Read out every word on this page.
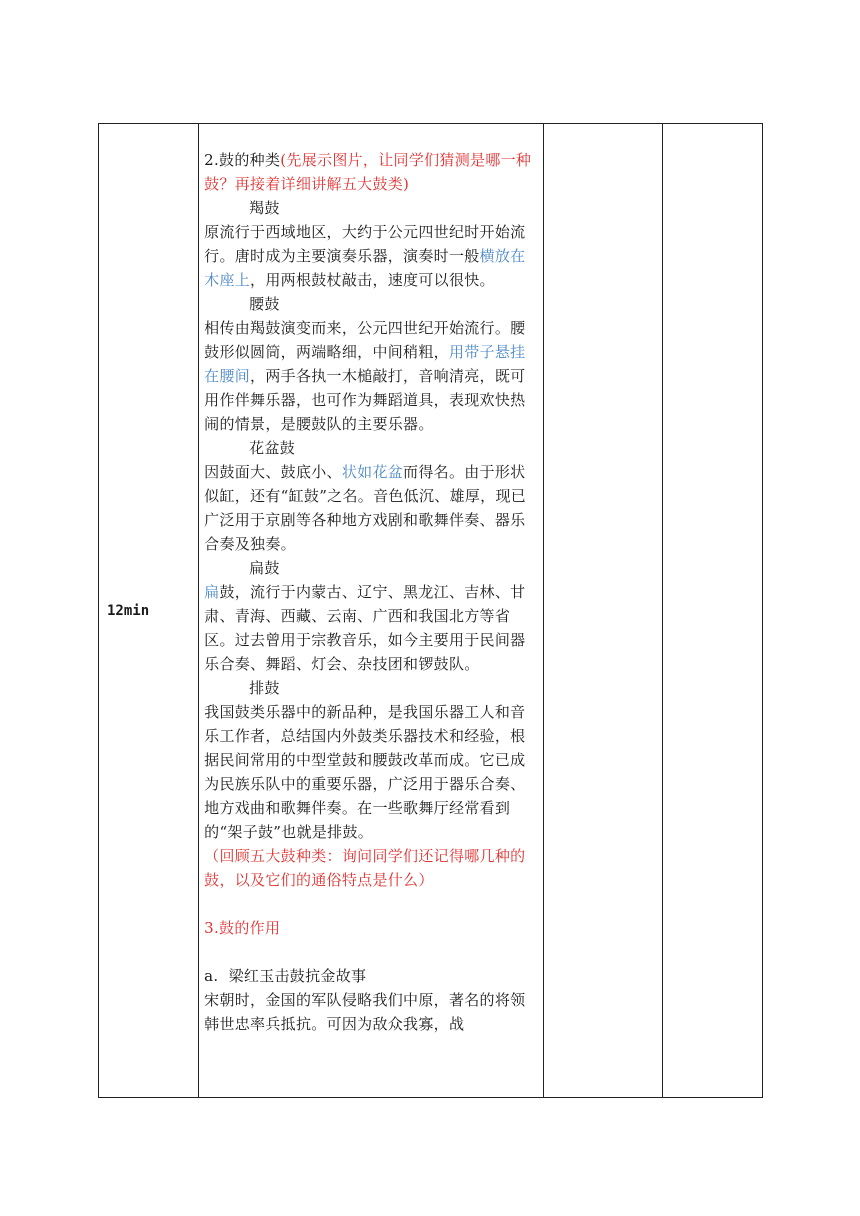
12min

2.鼓的种类(先展示图片，让同学们猜测是哪一种鼓？再接着详细讲解五大鼓类)

羯鼓

原流行于西域地区，大约于公元四世纪时开始流行。唐时成为主要演奏乐器，演奏时一般横放在木座上，用两根鼓杖敲击，速度可以很快。

腰鼓

相传由羯鼓演变而来，公元四世纪开始流行。腰鼓形似圆筒，两端略细，中间稍粗，用带子悬挂在腰间，两手各执一木槌敲打，音响清亮，既可用作伴舞乐器，也可作为舞蹈道具，表现欢快热闹的情景，是腰鼓队的主要乐器。

花盆鼓

因鼓面大、鼓底小、状如花盆而得名。由于形状似缸，还有“缸鼓”之名。音色低沉、雄厚，现已广泛用于京剧等各种地方戏剧和歌舞伴奏、器乐合奏及独奏。

扁鼓

扁鼓，流行于内蒙古、辽宁、黑龙江、吉林、甘肃、青海、西藏、云南、广西和我国北方等省区。过去曾用于宗教音乐，如今主要用于民间器乐合奏、舞蹈、灯会、杂技团和锣鼓队。

排鼓

我国鼓类乐器中的新品种，是我国乐器工人和音乐工作者，总结国内外鼓类乐器技术和经验，根据民间常用的中型堂鼓和腰鼓改革而成。它已成为民族乐队中的重要乐器，广泛用于器乐合奏、地方戏曲和歌舞伴奏。在一些歌舞厅经常看到的“架子鼓”也就是排鼓。

（回顾五大鼓种类：询问同学们还记得哪几种的鼓，以及它们的通俗特点是什么）

3.鼓的作用

a.  梁红玉击鼓抗金故事

宋朝时，金国的军队侵略我们中原，著名的将领韩世忠率兵抵抗。可因为敌众我寡，战
